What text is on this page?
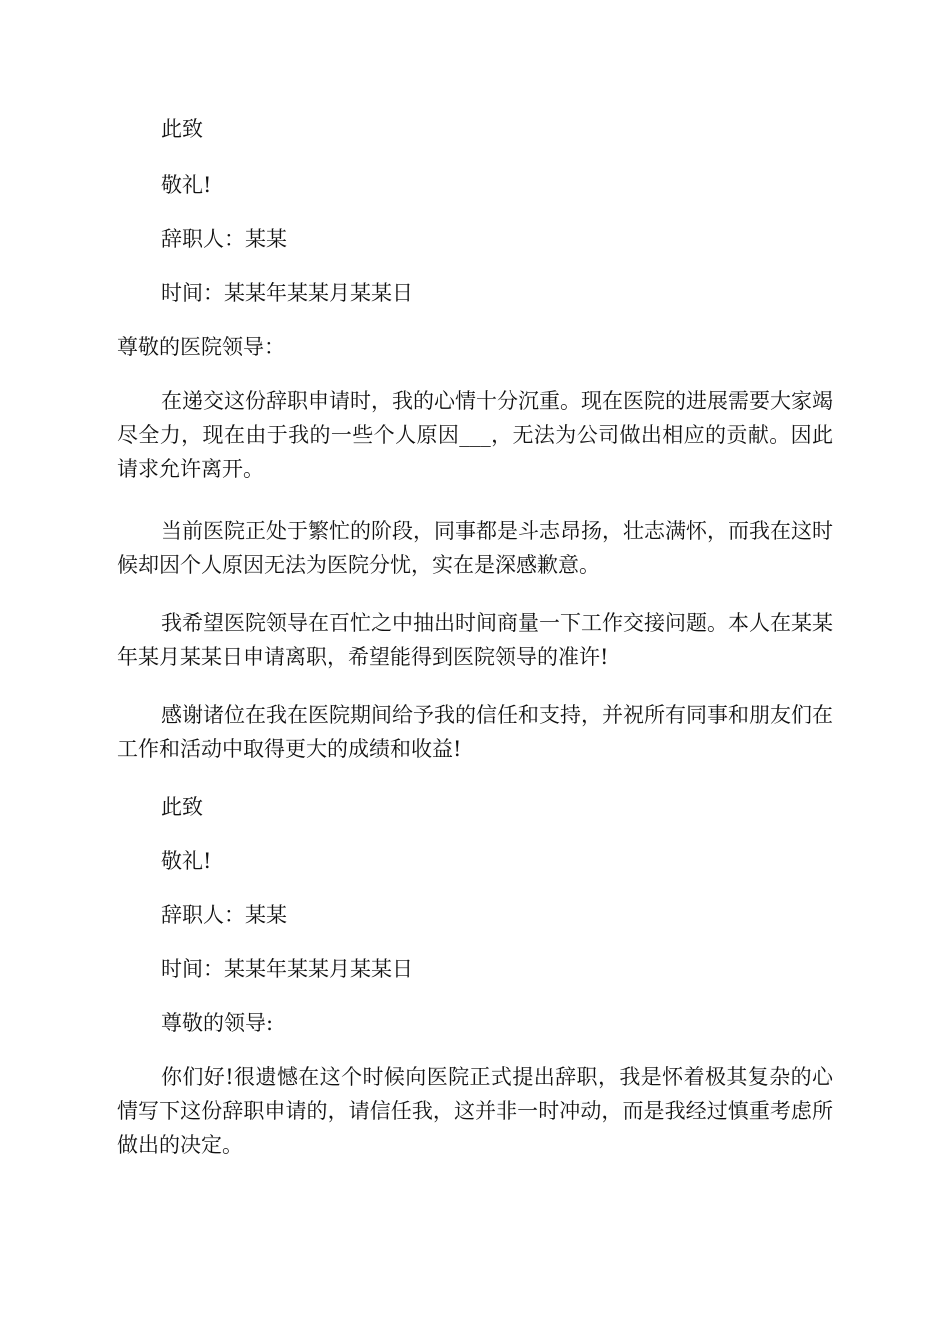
此致

敬礼!

辞职人：某某

时间：某某年某某月某某日

尊敬的医院领导：

在递交这份辞职申请时，我的心情十分沉重。现在医院的进展需要大家竭尽全力，现在由于我的一些个人原因___，无法为公司做出相应的贡献。因此请求允许离开。

当前医院正处于繁忙的阶段，同事都是斗志昂扬，壮志满怀，而我在这时候却因个人原因无法为医院分忧，实在是深感歉意。

我希望医院领导在百忙之中抽出时间商量一下工作交接问题。本人在某某年某月某某日申请离职，希望能得到医院领导的准许!

感谢诸位在我在医院期间给予我的信任和支持，并祝所有同事和朋友们在工作和活动中取得更大的成绩和收益!

此致

敬礼!

辞职人：某某

时间：某某年某某月某某日

尊敬的领导:

你们好!很遗憾在这个时候向医院正式提出辞职，我是怀着极其复杂的心情写下这份辞职申请的，请信任我，这并非一时冲动，而是我经过慎重考虑所做出的决定。
